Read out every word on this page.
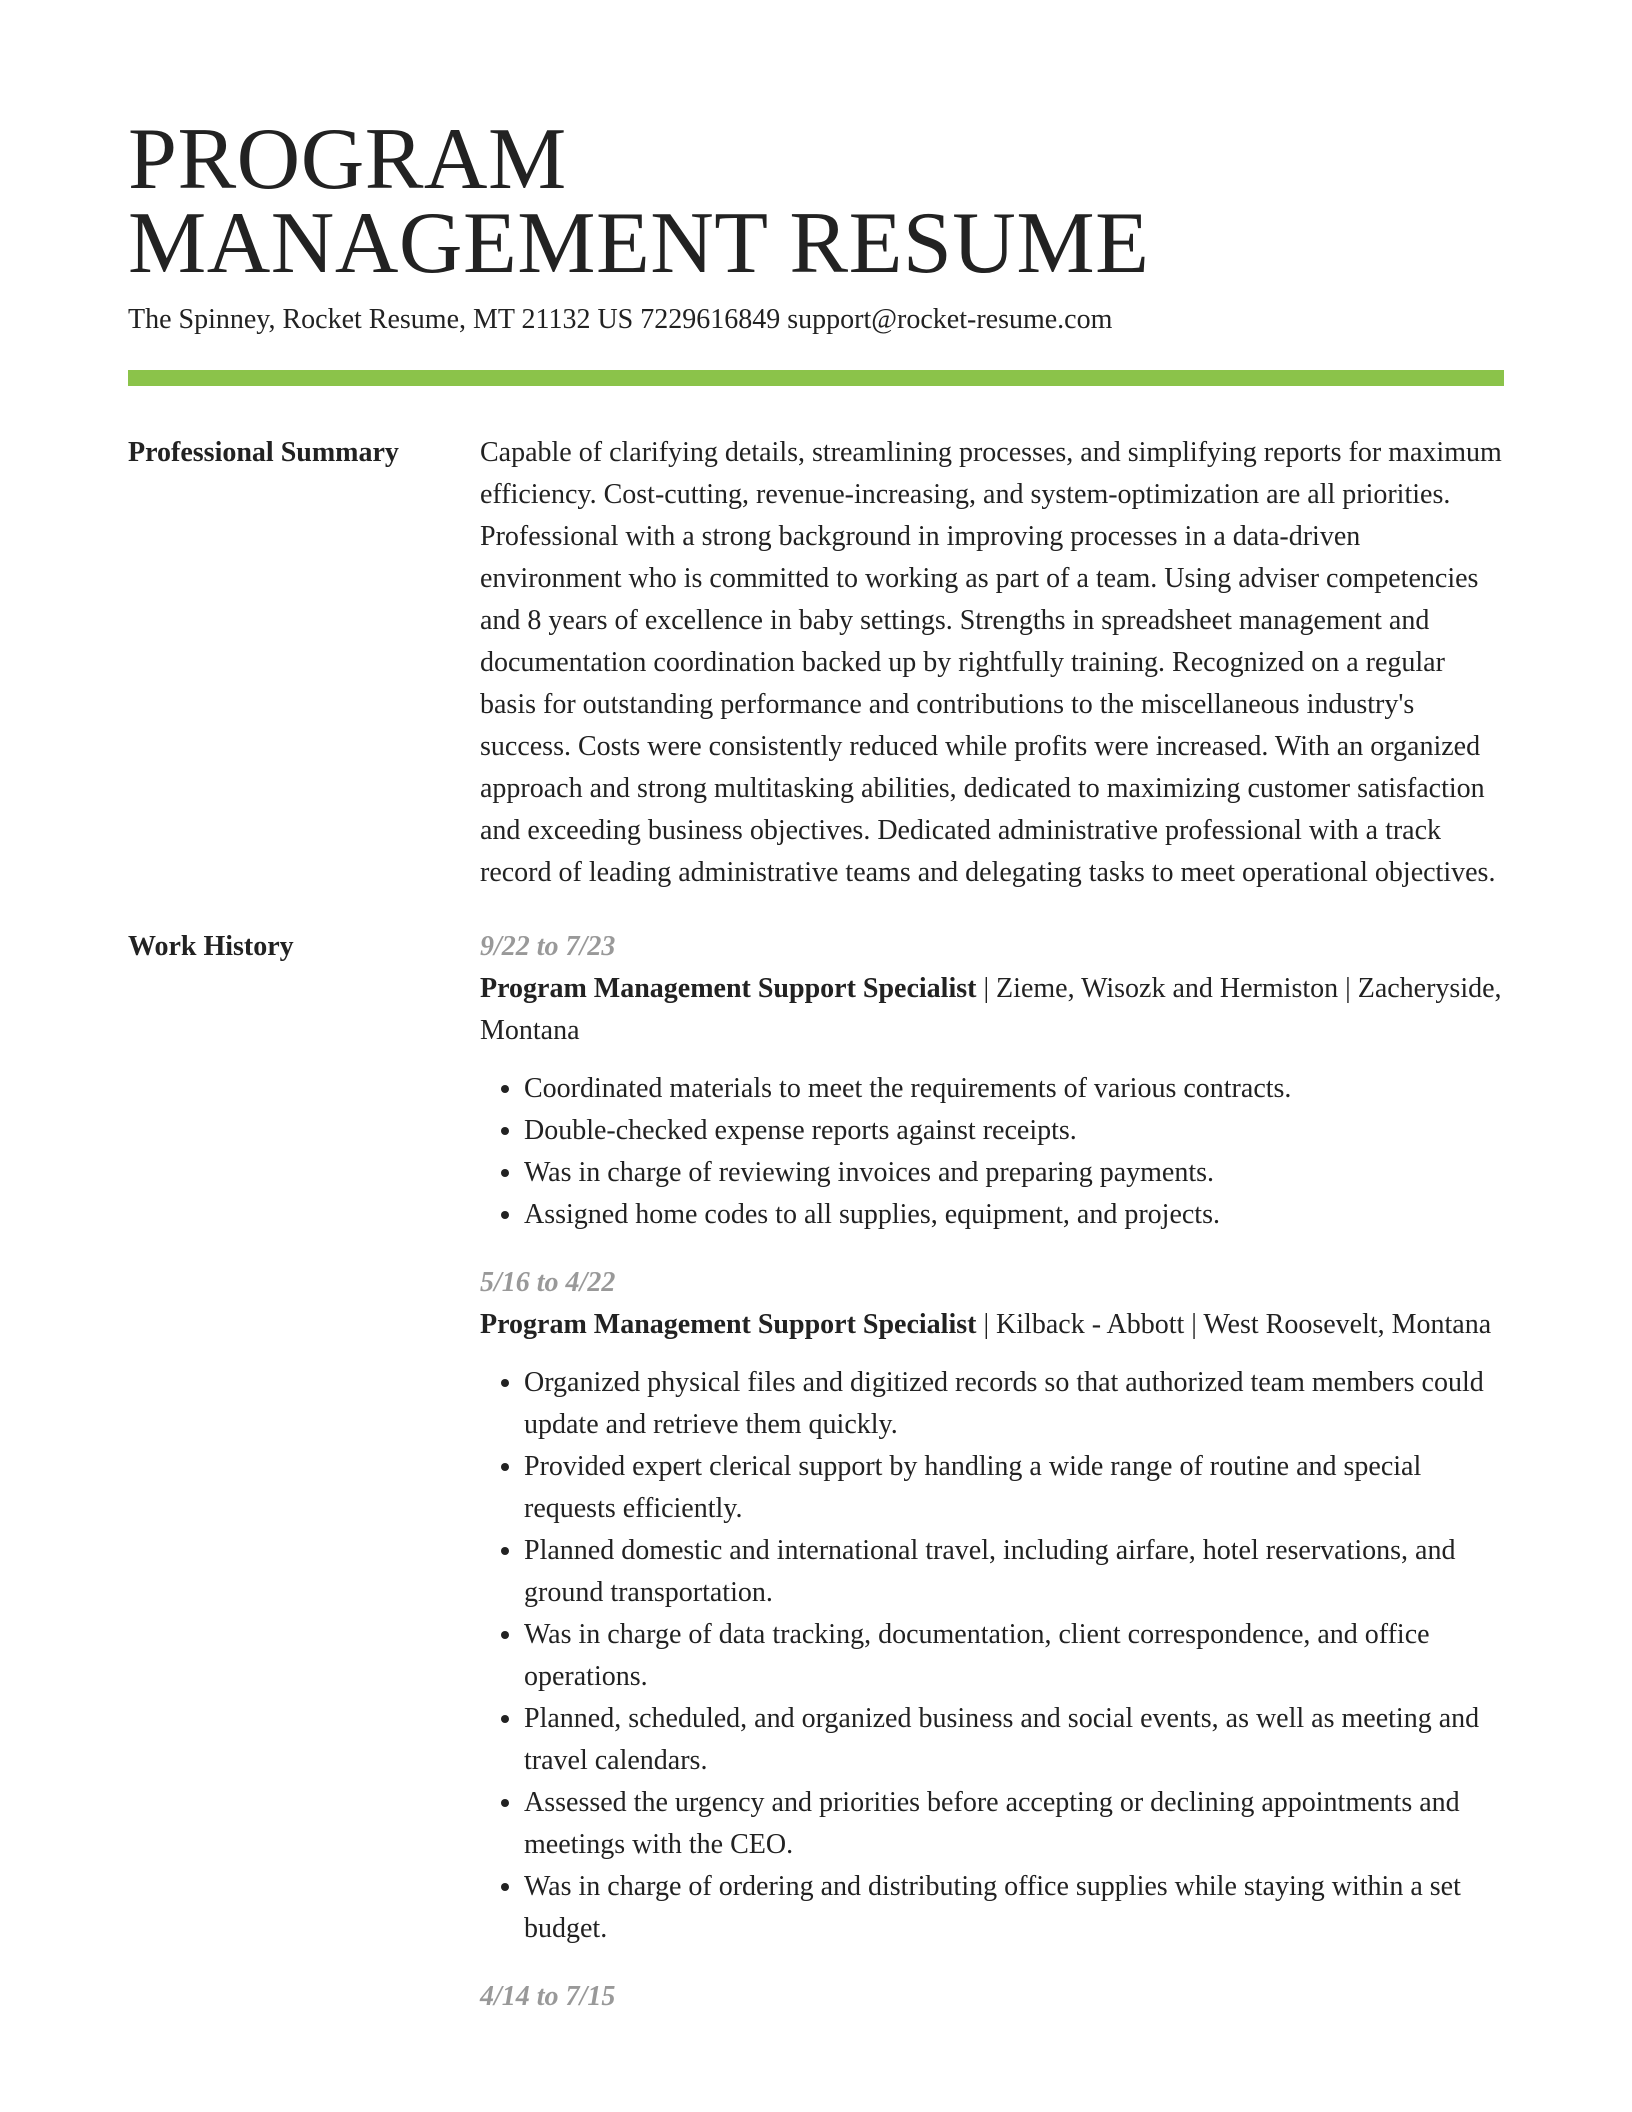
PROGRAM
MANAGEMENT RESUME
The Spinney, Rocket Resume, MT 21132 US 7229616849 support@rocket-resume.com
Professional Summary	Capable of clarifying details, streamlining processes, and simplifying reports for maximum efficiency. Cost-cutting, revenue-increasing, and system-optimization are all priorities. Professional with a strong background in improving processes in a data-driven environment who is committed to working as part of a team. Using adviser competencies and 8 years of excellence in baby settings. Strengths in spreadsheet management and documentation coordination backed up by rightfully training. Recognized on a regular basis for outstanding performance and contributions to the miscellaneous industry's success. Costs were consistently reduced while profits were increased. With an organized approach and strong multitasking abilities, dedicated to maximizing customer satisfaction and exceeding business objectives. Dedicated administrative professional with a track record of leading administrative teams and delegating tasks to meet operational objectives.

Work History	9/22 to 7/23
Program Management Support Specialist | Zieme, Wisozk and Hermiston | Zacheryside, Montana
• Coordinated materials to meet the requirements of various contracts.
• Double-checked expense reports against receipts.
• Was in charge of reviewing invoices and preparing payments.
• Assigned home codes to all supplies, equipment, and projects.
5/16 to 4/22
Program Management Support Specialist | Kilback - Abbott | West Roosevelt, Montana
• Organized physical files and digitized records so that authorized team members could update and retrieve them quickly.
• Provided expert clerical support by handling a wide range of routine and special requests efficiently.
• Planned domestic and international travel, including airfare, hotel reservations, and ground transportation.
• Was in charge of data tracking, documentation, client correspondence, and office operations.
• Planned, scheduled, and organized business and social events, as well as meeting and travel calendars.
• Assessed the urgency and priorities before accepting or declining appointments and meetings with the CEO.
• Was in charge of ordering and distributing office supplies while staying within a set budget.
4/14 to 7/15
